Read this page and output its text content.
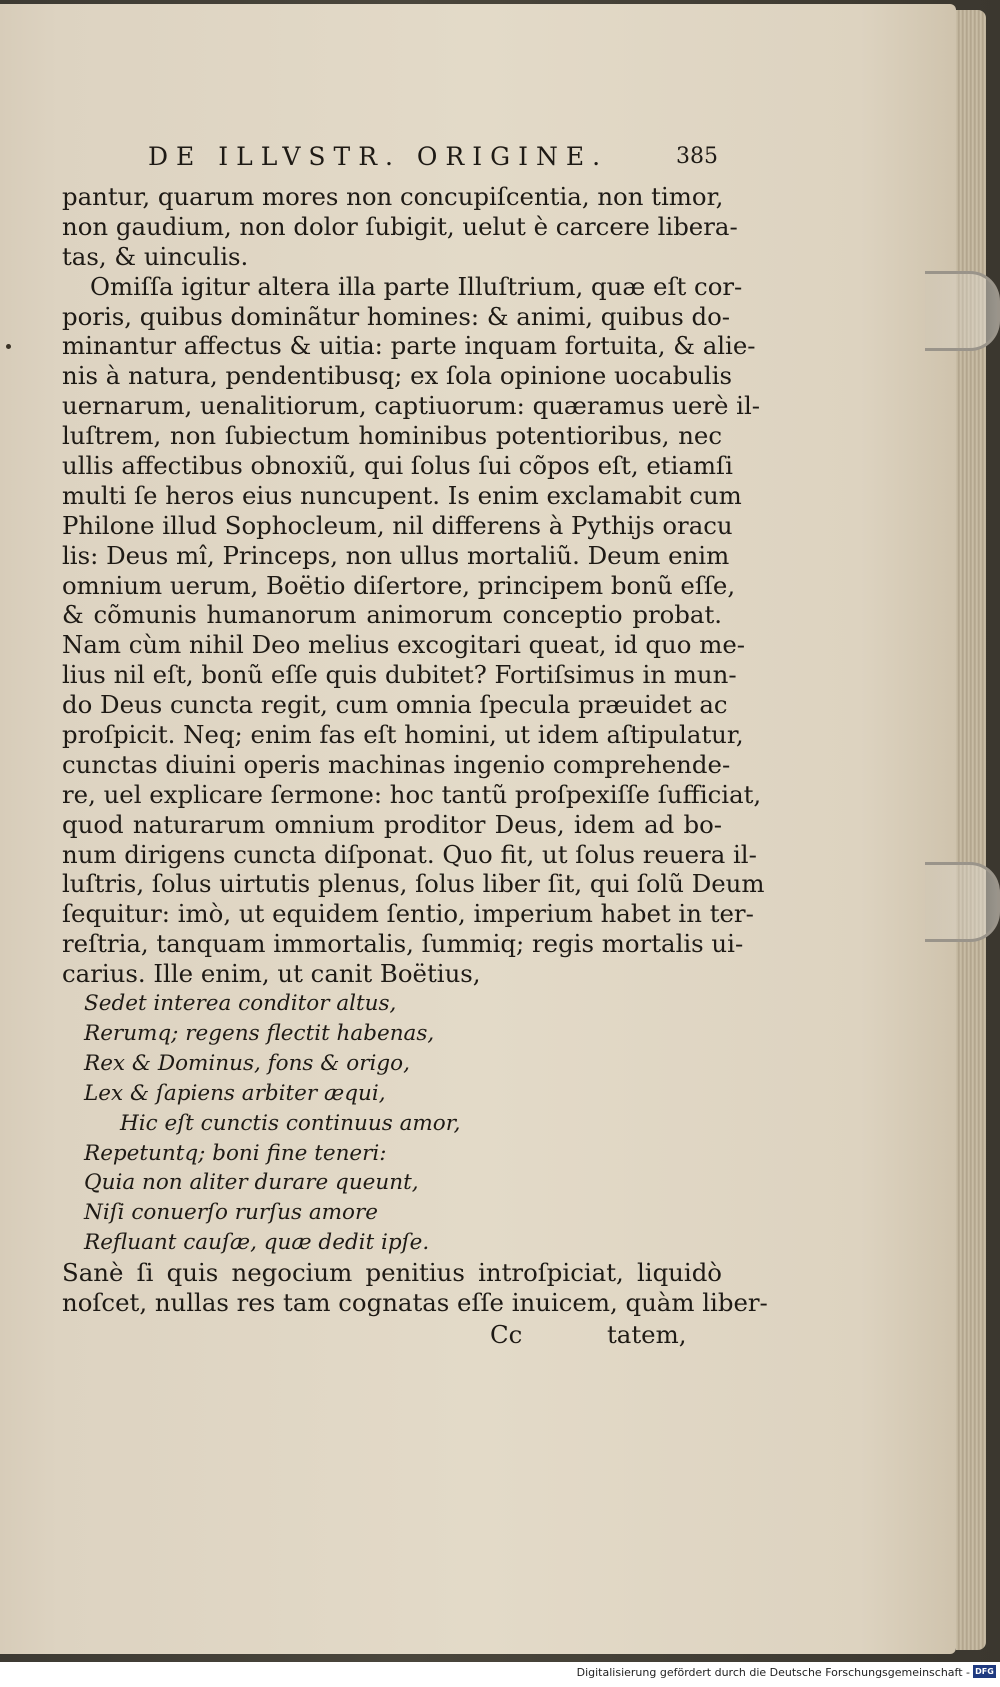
DE ILLVSTR. ORIGINE.	385
pantur, quarum mores non concupiſcentia, non timor,
non gaudium, non dolor ſubigit, uelut è carcere libera-
tas, & uinculis.
Omiſſa igitur altera illa parte Illuſtrium, quæ eſt cor-
poris, quibus dominãtur homines: & animi, quibus do-
minantur affectus & uitia: parte inquam fortuita, & alie-
nis à natura, pendentibusq; ex ſola opinione uocabulis
uernarum, uenalitiorum, captiuorum: quæramus uerè il-
luſtrem, non ſubiectum hominibus potentioribus, nec
ullis affectibus obnoxiũ, qui ſolus ſui cõpos eſt, etiamſi
multi ſe heros eius nuncupent. Is enim exclamabit cum
Philone illud Sophocleum, nil differens à Pythijs oracu
lis: Deus mî, Princeps, non ullus mortaliũ. Deum enim
omnium uerum, Boëtio diſertore, principem bonũ eſſe,
& cõmunis humanorum animorum conceptio probat.
Nam cùm nihil Deo melius excogitari queat, id quo me-
lius nil eſt, bonũ eſſe quis dubitet? Fortiſsimus in mun-
do Deus cuncta regit, cum omnia ſpecula præuidet ac
proſpicit. Neq; enim fas eſt homini, ut idem aſtipulatur,
cunctas diuini operis machinas ingenio comprehende-
re, uel explicare ſermone: hoc tantũ proſpexiſſe ſufficiat,
quod naturarum omnium proditor Deus, idem ad bo-
num dirigens cuncta diſponat. Quo fit, ut ſolus reuera il-
luſtris, ſolus uirtutis plenus, ſolus liber ſit, qui ſolũ Deum
ſequitur: imò, ut equidem ſentio, imperium habet in ter-
reſtria, tanquam immortalis, ſummiq; regis mortalis ui-
carius. Ille enim, ut canit Boëtius,
Sedet interea conditor altus,
Rerumq; regens flectit habenas,
Rex & Dominus, fons & origo,
Lex & ſapiens arbiter æqui,
Hic eſt cunctis continuus amor,
Repetuntq; boni fine teneri:
Quia non aliter durare queunt,
Niſi conuerſo rurſus amore
Refluant cauſæ, quæ dedit ipſe.
Sanè ſi quis negocium penitius introſpiciat, liquidò
noſcet, nullas res tam cognatas eſſe inuicem, quàm liber-
Cc	tatem,
Digitalisierung gefördert durch die Deutsche Forschungsgemeinschaft - DFG
